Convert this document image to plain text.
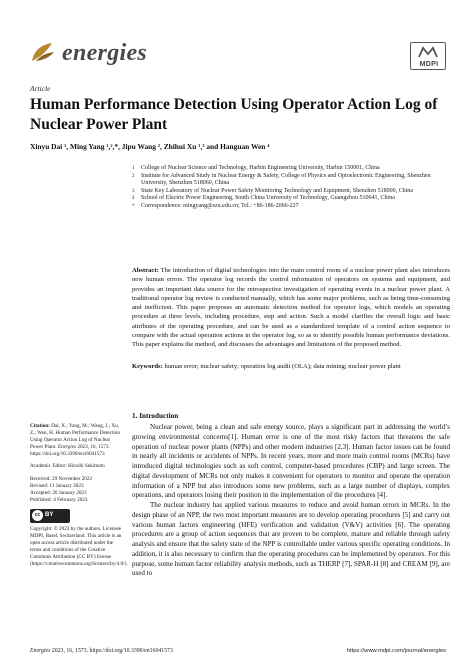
energies	MDPI
Article
Human Performance Detection Using Operator Action Log of Nuclear Power Plant
Xinyu Dai ¹, Ming Yang ¹,²,*, Jipu Wang ², Zhihui Xu ¹,³ and Hanguan Wen ⁴
1 College of Nuclear Science and Technology, Harbin Engineering University, Harbin 150001, China
2 Institute for Advanced Study in Nuclear Energy & Safety, College of Physics and Optoelectronic Engineering, Shenzhen University, Shenzhen 518060, China
3 State Key Laboratory of Nuclear Power Safety Monitoring Technology and Equipment, Shenzhen 518000, China
4 School of Electric Power Engineering, South China University of Technology, Guangzhou 510641, China
* Correspondence: mingyang@szu.edu.cn; Tel.: +86-186-2066-227
Abstract: The introduction of digital technologies into the main control room of a nuclear power plant also introduces new human errors. The operator log records the control information of operators on systems and equipment, and provides an important data source for the retrospective investigation of operating events in a nuclear power plant. A traditional operator log review is conducted manually, which has some major problems, such as being time-consuming and inefficient. This paper proposes an automatic detection method for operator logs, which models an operating procedure at three levels, including procedure, step and action. Such a model clarifies the overall logic and basic attributes of the operating procedure, and can be used as a standardized template of a control action sequence to compare with the actual operation actions in the operator log, so as to identify possible human performance deviations. This paper explains the method, and discusses the advantages and limitations of the proposed method.
Keywords: human error; nuclear safety; operation log audit (OLA); data mining; nuclear power plant
Citation: Dai, X.; Yang, M.; Wang, J.; Xu, Z.; Wen, H. Human Performance Detection Using Operator Action Log of Nuclear Power Plant. Energies 2023, 16, 1573. https://doi.org/10.3390/en16041573
Academic Editor: Hiroshi Sekimoto
Received: 29 November 2022
Revised: 11 January 2023
Accepted: 20 January 2023
Published: 4 February 2023
cc BY
Copyright: © 2023 by the authors. Licensee MDPI, Basel, Switzerland. This article is an open access article distributed under the terms and conditions of the Creative Commons Attribution (CC BY) license (https://creativecommons.org/licenses/by/4.0/).
1. Introduction

Nuclear power, being a clean and safe energy source, plays a significant part in addressing the world’s growing environmental concerns[1]. Human error is one of the most risky factors that threatens the safe operation of nuclear power plants (NPPs) and other modern industries [2,3]. Human factor issues can be found in nearly all incidents or accidents of NPPs. In recent years, more and more main control rooms (MCRs) have introduced digital technologies such as soft control, computer-based procedures (CBP) and large screen. The digital development of MCRs not only makes it convenient for operators to monitor and operate the operation information of a NPP but also introduces some new problems, such as a large number of displays, complex operations, and operators losing their position in the implementation of the procedures [4].

The nuclear industry has applied various measures to reduce and avoid human errors in MCRs. In the design phase of an NPP, the two most important measures are to develop operating procedures [5] and carry out various human factors engineering (HFE) verification and validation (V&V) activities [6]. The operating procedures are a group of action sequences that are proven to be complete, mature and reliable through safety analysis and ensure that the safety state of the NPP is controllable under various specific operating conditions. In addition, it is also necessary to confirm that the operating procedures can be implemented by operators. For this purpose, some human factor reliability analysis methods, such as THERP [7], SPAR-H [8] and CREAM [9], are used to

Energies 2023, 16, 1573. https://doi.org/10.3390/en16041573	https://www.mdpi.com/journal/energies
